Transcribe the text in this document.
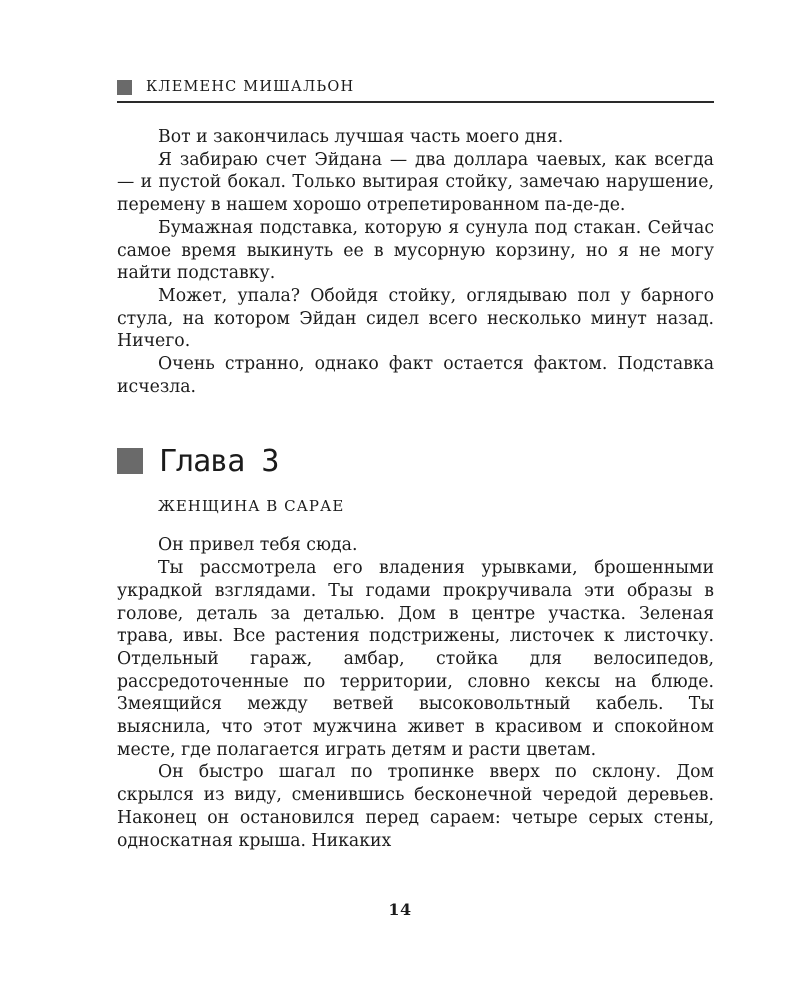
КЛЕМЕНС МИШАЛЬОН

Вот и закончилась лучшая часть моего дня.

Я забираю счет Эйдана — два доллара чаевых, как всегда — и пустой бокал. Только вытирая стойку, замечаю нарушение, перемену в нашем хорошо отрепетированном па-де-де.

Бумажная подставка, которую я сунула под стакан. Сейчас самое время выкинуть ее в мусорную корзину, но я не могу найти подставку.

Может, упала? Обойдя стойку, оглядываю пол у барного стула, на котором Эйдан сидел всего несколько минут назад. Ничего.

Очень странно, однако факт остается фактом. Подставка исчезла.

Глава 3
ЖЕНЩИНА В САРАЕ

Он привел тебя сюда.

Ты рассмотрела его владения урывками, брошенными украдкой взглядами. Ты годами прокручивала эти образы в голове, деталь за деталью. Дом в центре участка. Зеленая трава, ивы. Все растения подстрижены, листочек к листочку. Отдельный гараж, амбар, стойка для велосипедов, рассредоточенные по территории, словно кексы на блюде. Змеящийся между ветвей высоковольтный кабель. Ты выяснила, что этот мужчина живет в красивом и спокойном месте, где полагается играть детям и расти цветам.

Он быстро шагал по тропинке вверх по склону. Дом скрылся из виду, сменившись бесконечной чередой деревьев. Наконец он остановился перед сараем: четыре серых стены, односкатная крыша. Никаких

14
